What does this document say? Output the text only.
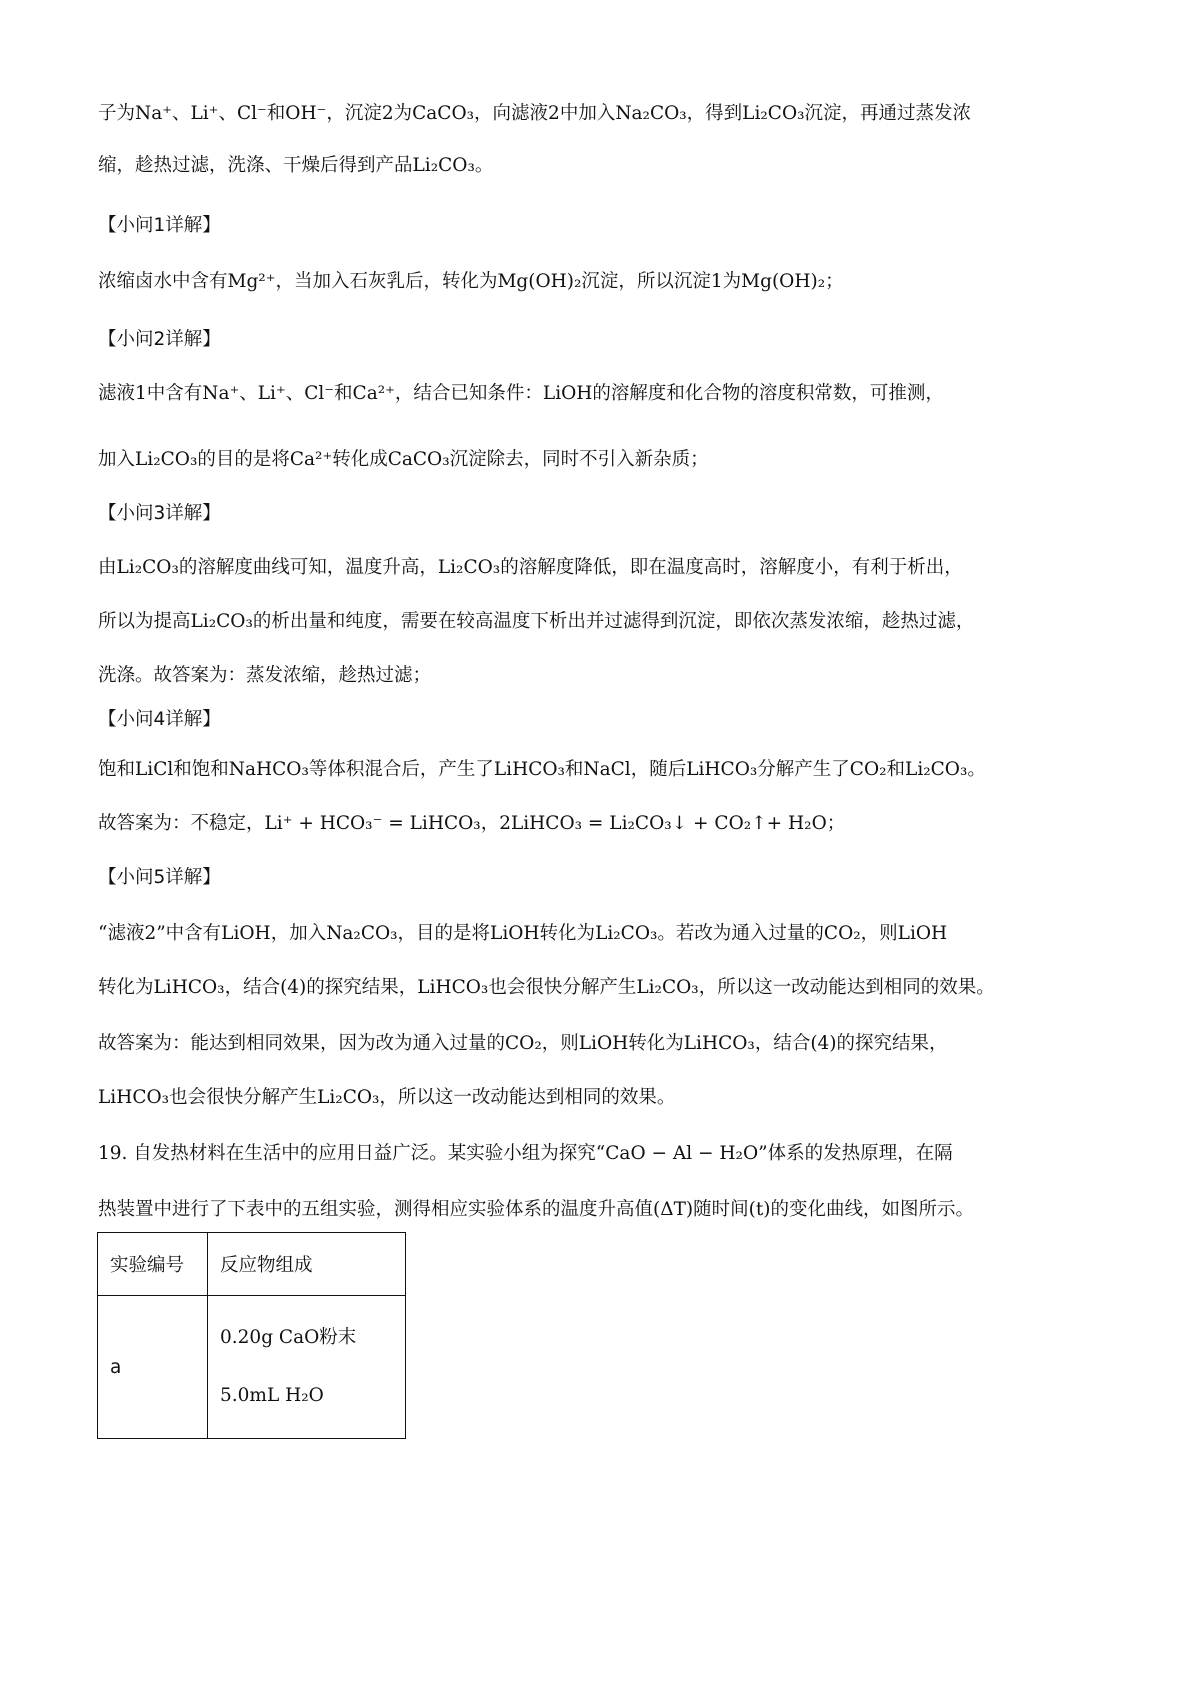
子为Na⁺、Li⁺、Cl⁻和OH⁻，沉淀2为CaCO₃，向滤液2中加入Na₂CO₃，得到Li₂CO₃沉淀，再通过蒸发浓
缩，趁热过滤，洗涤、干燥后得到产品Li₂CO₃。
【小问1详解】
浓缩卤水中含有Mg²⁺，当加入石灰乳后，转化为Mg(OH)₂沉淀，所以沉淀1为Mg(OH)₂；
【小问2详解】
滤液1中含有Na⁺、Li⁺、Cl⁻和Ca²⁺，结合已知条件：LiOH的溶解度和化合物的溶度积常数，可推测，
加入Li₂CO₃的目的是将Ca²⁺转化成CaCO₃沉淀除去，同时不引入新杂质；
【小问3详解】
由Li₂CO₃的溶解度曲线可知，温度升高，Li₂CO₃的溶解度降低，即在温度高时，溶解度小，有利于析出，
所以为提高Li₂CO₃的析出量和纯度，需要在较高温度下析出并过滤得到沉淀，即依次蒸发浓缩，趁热过滤，
洗涤。故答案为：蒸发浓缩，趁热过滤；
【小问4详解】
饱和LiCl和饱和NaHCO₃等体积混合后，产生了LiHCO₃和NaCl，随后LiHCO₃分解产生了CO₂和Li₂CO₃。
故答案为：不稳定，Li⁺ + HCO₃⁻ = LiHCO₃，2LiHCO₃ = Li₂CO₃↓ + CO₂↑+ H₂O；
【小问5详解】
“滤液2”中含有LiOH，加入Na₂CO₃，目的是将LiOH转化为Li₂CO₃。若改为通入过量的CO₂，则LiOH
转化为LiHCO₃，结合(4)的探究结果，LiHCO₃也会很快分解产生Li₂CO₃，所以这一改动能达到相同的效果。
故答案为：能达到相同效果，因为改为通入过量的CO₂，则LiOH转化为LiHCO₃，结合(4)的探究结果，
LiHCO₃也会很快分解产生Li₂CO₃，所以这一改动能达到相同的效果。
19. 自发热材料在生活中的应用日益广泛。某实验小组为探究“CaO − Al − H₂O”体系的发热原理，在隔
热装置中进行了下表中的五组实验，测得相应实验体系的温度升高值(ΔT)随时间(t)的变化曲线，如图所示。
实验编号	反应物组成
a	0.20g CaO粉末
5.0mL H₂O
